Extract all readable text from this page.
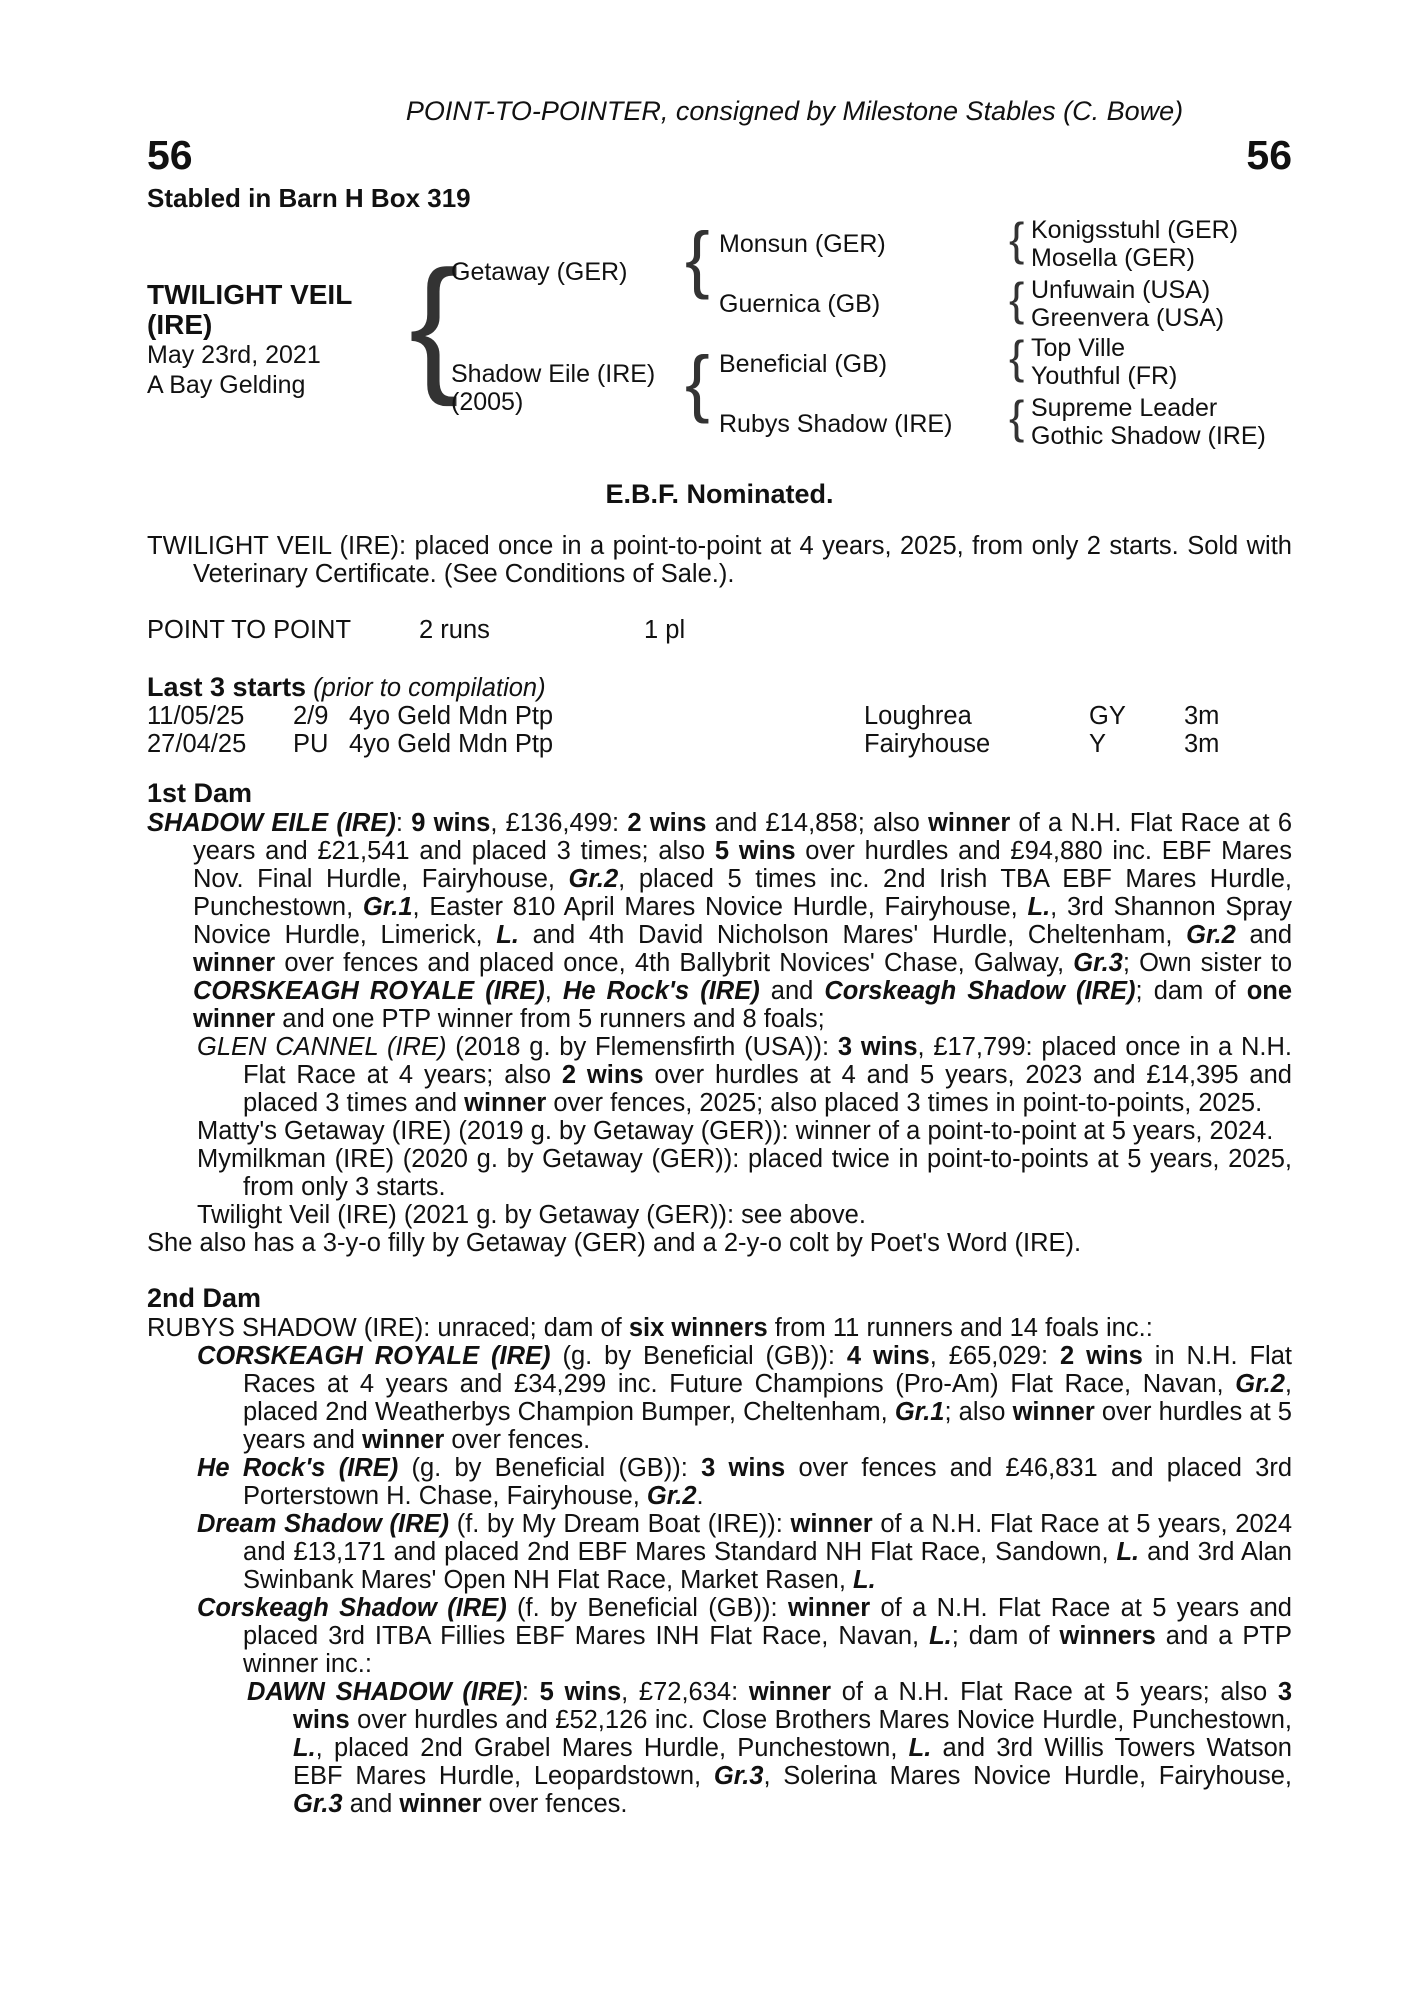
POINT-TO-POINTER, consigned by Milestone Stables (C. Bowe)
56	56
Stabled in Barn H Box 319
TWILIGHT VEIL
(IRE)
May 23rd, 2021
A Bay Gelding {
Getaway (GER)
Shadow Eile (IRE)
(2005)
{ Monsun (GER)
Guernica (GB)
{ Beneficial (GB)
Rubys Shadow (IRE)
{ Konigsstuhl (GER)
Mosella (GER)
{ Unfuwain (USA)
Greenvera (USA)
{ Top Ville
Youthful (FR)
{ Supreme Leader
Gothic Shadow (IRE)
E.B.F. Nominated.

TWILIGHT VEIL (IRE): placed once in a point-to-point at 4 years, 2025, from only 2 starts. Sold with Veterinary Certificate. (See Conditions of Sale.).

POINT TO POINT	2 runs	1 pl
Last 3 starts (prior to compilation)
11/05/25	2/9 4yo Geld Mdn Ptp	Loughrea	GY	3m
27/04/25	PU 4yo Geld Mdn Ptp	Fairyhouse	Y	3m
1st Dam

SHADOW EILE (IRE): 9 wins, £136,499: 2 wins and £14,858; also winner of a N.H. Flat Race at 6 years and £21,541 and placed 3 times; also 5 wins over hurdles and £94,880 inc. EBF Mares Nov. Final Hurdle, Fairyhouse, Gr.2, placed 5 times inc. 2nd Irish TBA EBF Mares Hurdle, Punchestown, Gr.1, Easter 810 April Mares Novice Hurdle, Fairyhouse, L., 3rd Shannon Spray Novice Hurdle, Limerick, L. and 4th David Nicholson Mares' Hurdle, Cheltenham, Gr.2 and winner over fences and placed once, 4th Ballybrit Novices' Chase, Galway, Gr.3; Own sister to CORSKEAGH ROYALE (IRE), He Rock's (IRE) and Corskeagh Shadow (IRE); dam of one winner and one PTP winner from 5 runners and 8 foals;

GLEN CANNEL (IRE) (2018 g. by Flemensfirth (USA)): 3 wins, £17,799: placed once in a N.H. Flat Race at 4 years; also 2 wins over hurdles at 4 and 5 years, 2023 and £14,395 and placed 3 times and winner over fences, 2025; also placed 3 times in point-to-points, 2025.

Matty's Getaway (IRE) (2019 g. by Getaway (GER)): winner of a point-to-point at 5 years, 2024.

Mymilkman (IRE) (2020 g. by Getaway (GER)): placed twice in point-to-points at 5 years, 2025, from only 3 starts.

Twilight Veil (IRE) (2021 g. by Getaway (GER)): see above.

She also has a 3-y-o filly by Getaway (GER) and a 2-y-o colt by Poet's Word (IRE).

2nd Dam

RUBYS SHADOW (IRE): unraced; dam of six winners from 11 runners and 14 foals inc.:

CORSKEAGH ROYALE (IRE) (g. by Beneficial (GB)): 4 wins, £65,029: 2 wins in N.H. Flat Races at 4 years and £34,299 inc. Future Champions (Pro-Am) Flat Race, Navan, Gr.2, placed 2nd Weatherbys Champion Bumper, Cheltenham, Gr.1; also winner over hurdles at 5 years and winner over fences.

He Rock's (IRE) (g. by Beneficial (GB)): 3 wins over fences and £46,831 and placed 3rd Porterstown H. Chase, Fairyhouse, Gr.2.

Dream Shadow (IRE) (f. by My Dream Boat (IRE)): winner of a N.H. Flat Race at 5 years, 2024 and £13,171 and placed 2nd EBF Mares Standard NH Flat Race, Sandown, L. and 3rd Alan Swinbank Mares' Open NH Flat Race, Market Rasen, L.

Corskeagh Shadow (IRE) (f. by Beneficial (GB)): winner of a N.H. Flat Race at 5 years and placed 3rd ITBA Fillies EBF Mares INH Flat Race, Navan, L.; dam of winners and a PTP winner inc.:

DAWN SHADOW (IRE): 5 wins, £72,634: winner of a N.H. Flat Race at 5 years; also 3 wins over hurdles and £52,126 inc. Close Brothers Mares Novice Hurdle, Punchestown, L., placed 2nd Grabel Mares Hurdle, Punchestown, L. and 3rd Willis Towers Watson EBF Mares Hurdle, Leopardstown, Gr.3, Solerina Mares Novice Hurdle, Fairyhouse, Gr.3 and winner over fences.
